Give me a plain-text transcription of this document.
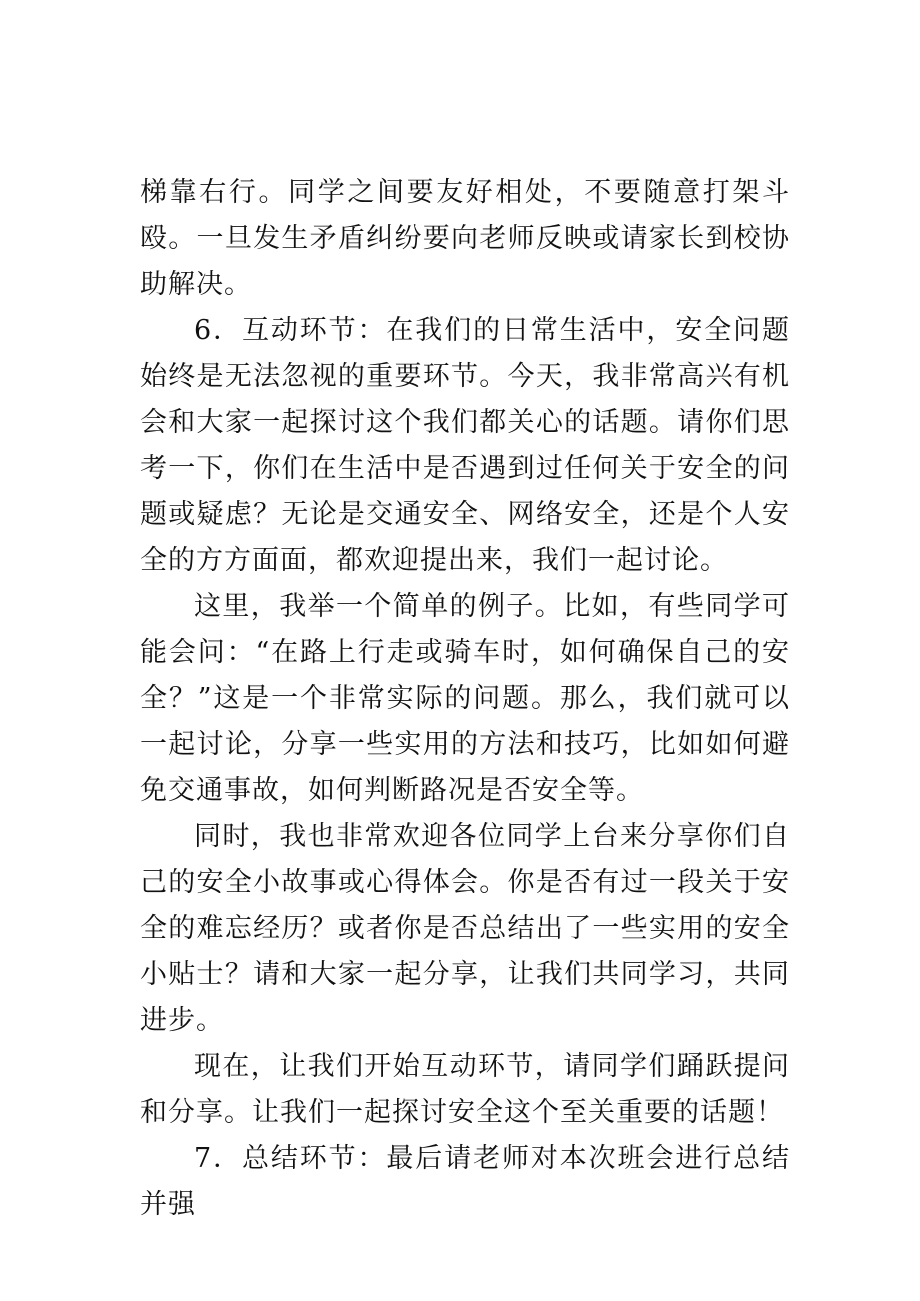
梯靠右行。同学之间要友好相处，不要随意打架斗殴。一旦发生矛盾纠纷要向老师反映或请家长到校协助解决。

6．互动环节：在我们的日常生活中，安全问题始终是无法忽视的重要环节。今天，我非常高兴有机会和大家一起探讨这个我们都关心的话题。请你们思考一下，你们在生活中是否遇到过任何关于安全的问题或疑虑？无论是交通安全、网络安全，还是个人安全的方方面面，都欢迎提出来，我们一起讨论。

这里，我举一个简单的例子。比如，有些同学可能会问：“在路上行走或骑车时，如何确保自己的安全？”这是一个非常实际的问题。那么，我们就可以一起讨论，分享一些实用的方法和技巧，比如如何避免交通事故，如何判断路况是否安全等。

同时，我也非常欢迎各位同学上台来分享你们自己的安全小故事或心得体会。你是否有过一段关于安全的难忘经历？或者你是否总结出了一些实用的安全小贴士？请和大家一起分享，让我们共同学习，共同进步。

现在，让我们开始互动环节，请同学们踊跃提问和分享。让我们一起探讨安全这个至关重要的话题！

7．总结环节：最后请老师对本次班会进行总结并强
